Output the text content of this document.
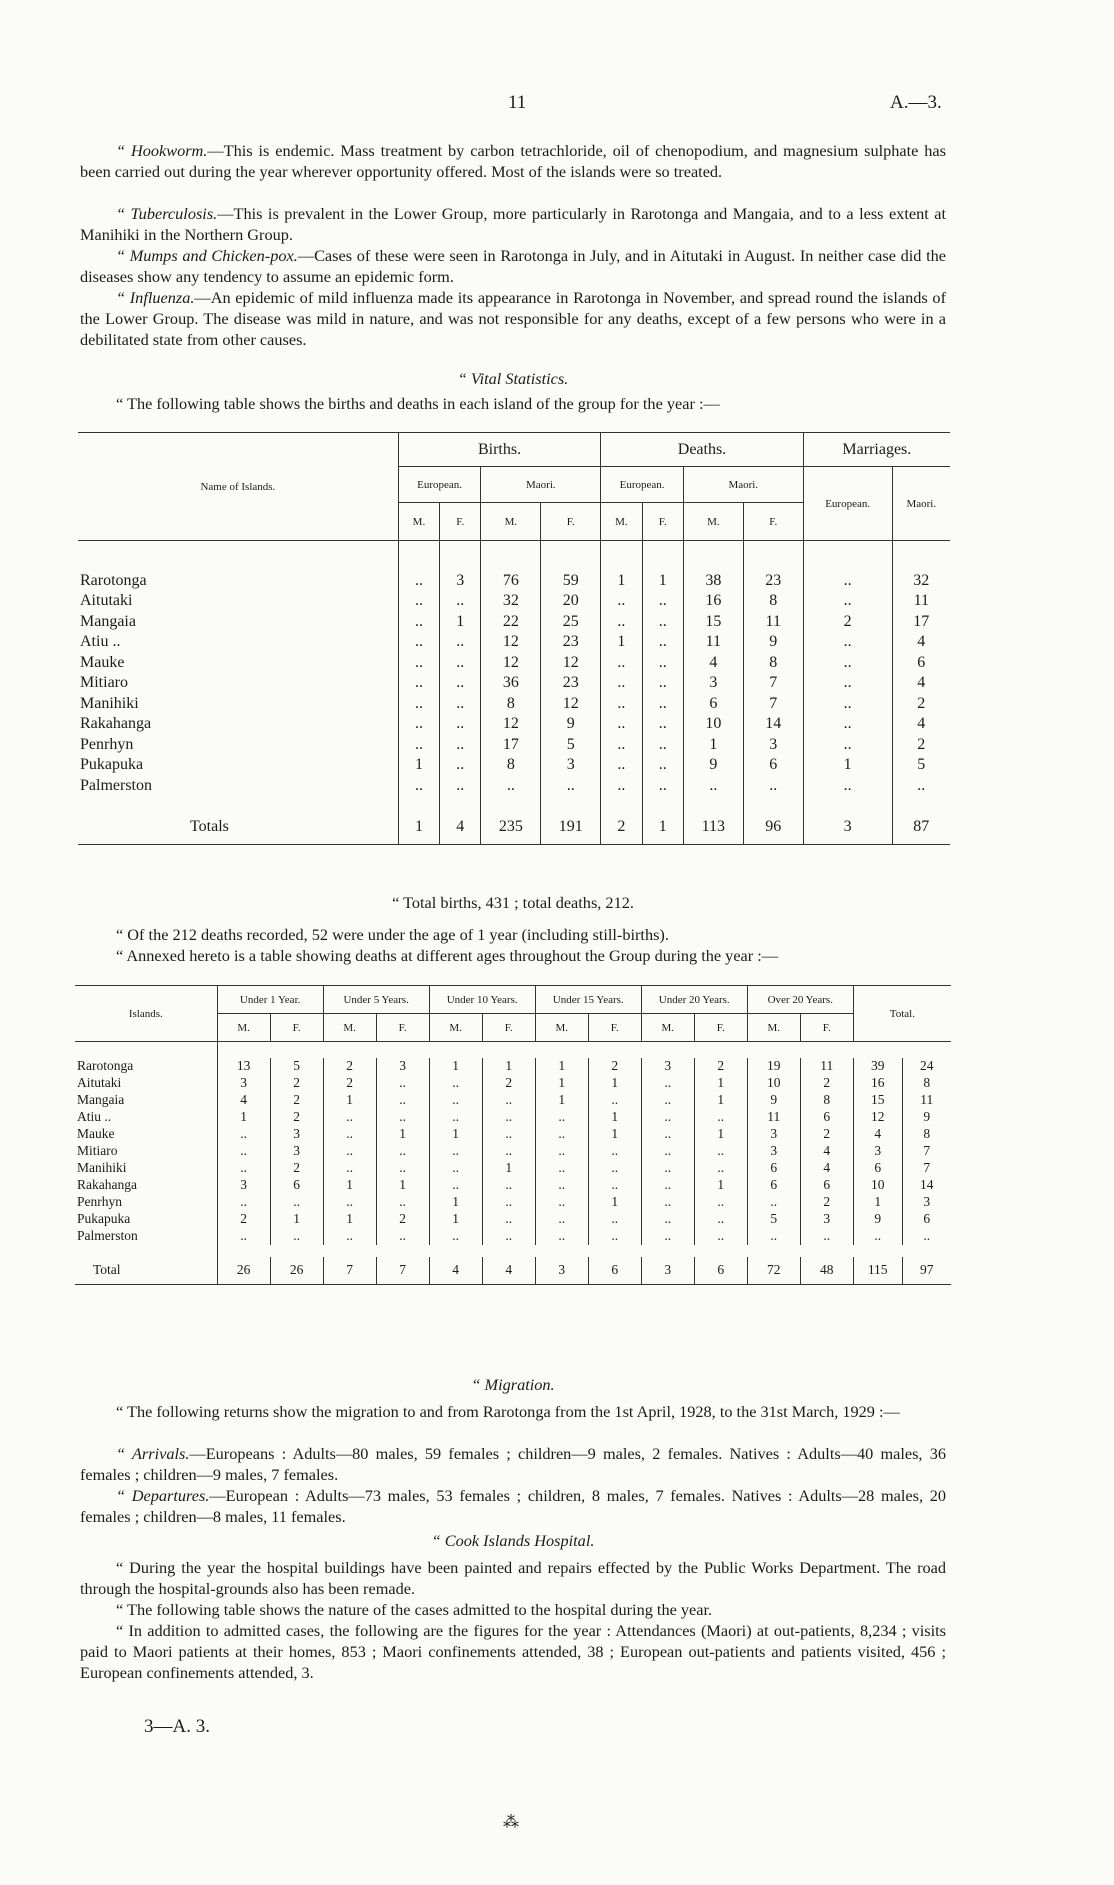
11	A.—3.

“ Hookworm.—This is endemic. Mass treatment by carbon tetrachloride, oil of chenopodium, and magnesium sulphate has been carried out during the year wherever opportunity offered. Most of the islands were so treated.

“ Tuberculosis.—This is prevalent in the Lower Group, more particularly in Rarotonga and Mangaia, and to a less extent at Manihiki in the Northern Group.

“ Mumps and Chicken-pox.—Cases of these were seen in Rarotonga in July, and in Aitutaki in August. In neither case did the diseases show any tendency to assume an epidemic form.

“ Influenza.—An epidemic of mild influenza made its appearance in Rarotonga in November, and spread round the islands of the Lower Group. The disease was mild in nature, and was not responsible for any deaths, except of a few persons who were in a debilitated state from other causes.

“ Vital Statistics.

“ The following table shows the births and deaths in each island of the group for the year :—

Name of Islands.	Births.				Deaths.				Marriages.	
	European.		Maori.		European.		Maori.		European.	Maori.
	M.	F.	M.	F.	M.	F.	M.	F.		

Rarotonga	..	3	76	59	1	1	38	23	..	32
Aitutaki	..	..	32	20	..	..	16	8	..	11
Mangaia	..	1	22	25	..	..	15	11	2	17
Atiu ..	..	..	12	23	1	..	11	9	..	4
Mauke	..	..	12	12	..	..	4	8	..	6
Mitiaro	..	..	36	23	..	..	3	7	..	4
Manihiki	..	..	8	12	..	..	6	7	..	2
Rakahanga	..	..	12	9	..	..	10	14	..	4
Penrhyn	..	..	17	5	..	..	1	3	..	2
Pukapuka	1	..	8	3	..	..	9	6	1	5
Palmerston	..	..	..	..	..	..	..	..	..	..

Totals	1	4	235	191	2	1	113	96	3	87

“ Total births, 431 ; total deaths, 212.

“ Of the 212 deaths recorded, 52 were under the age of 1 year (including still-births).

“ Annexed hereto is a table showing deaths at different ages throughout the Group during the year :—

Islands.	Under 1 Year.		Under 5 Years.		Under 10 Years.		Under 15 Years.		Under 20 Years.		Over 20 Years.		Total.	
	M.	F.	M.	F.	M.	F.	M.	F.	M.	F.	M.	F.		

Rarotonga	13	5	2	3	1	1	1	2	3	2	19	11	39	24
Aitutaki	3	2	2	..	..	2	1	1	..	1	10	2	16	8
Mangaia	4	2	1	..	..	..	1	..	..	1	9	8	15	11
Atiu ..	1	2	..	..	..	..	..	1	..	..	11	6	12	9
Mauke	..	3	..	1	1	..	..	1	..	1	3	2	4	8
Mitiaro	..	3	..	..	..	..	..	..	..	..	3	4	3	7
Manihiki	..	2	..	..	..	1	..	..	..	..	6	4	6	7
Rakahanga	3	6	1	1	..	..	..	..	..	1	6	6	10	14
Penrhyn	..	..	..	..	1	..	..	1	..	..	..	2	1	3
Pukapuka	2	1	1	2	1	..	..	..	..	..	5	3	9	6
Palmerston	..	..	..	..	..	..	..	..	..	..	..	..	..	..

Total	26	26	7	7	4	4	3	6	3	6	72	48	115	97

“ Migration.

“ The following returns show the migration to and from Rarotonga from the 1st April, 1928, to the 31st March, 1929 :—

“ Arrivals.—Europeans : Adults—80 males, 59 females ; children—9 males, 2 females. Natives : Adults—40 males, 36 females ; children—9 males, 7 females.

“ Departures.—European : Adults—73 males, 53 females ; children, 8 males, 7 females. Natives : Adults—28 males, 20 females ; children—8 males, 11 females.

“ Cook Islands Hospital.

“ During the year the hospital buildings have been painted and repairs effected by the Public Works Department. The road through the hospital-grounds also has been remade.

“ The following table shows the nature of the cases admitted to the hospital during the year.

“ In addition to admitted cases, the following are the figures for the year : Attendances (Maori) at out-patients, 8,234 ; visits paid to Maori patients at their homes, 853 ; Maori confinements attended, 38 ; European out-patients and patients visited, 456 ; European confinements attended, 3.

3—A. 3.
⁂
